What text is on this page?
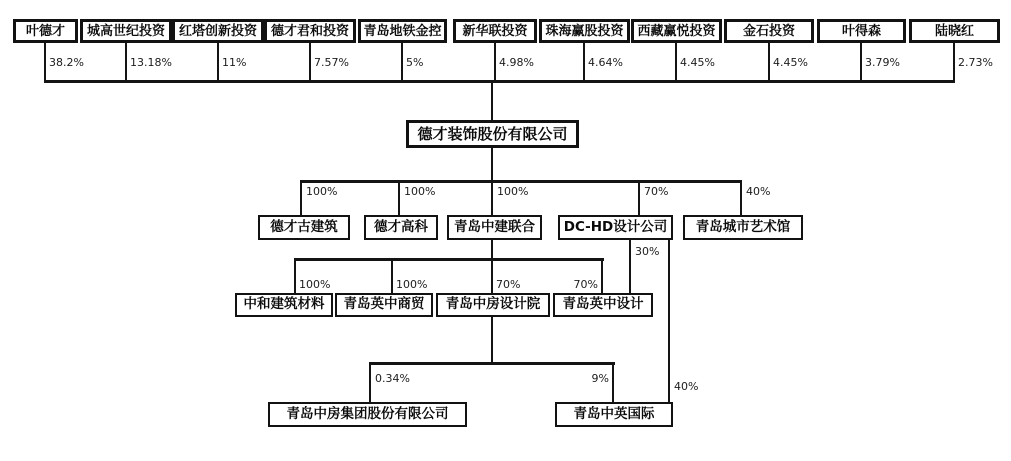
叶德才	城高世纪投资	红塔创新投资	德才君和投资	青岛地铁金控	新华联投资	珠海赢股投资	西藏赢悦投资	金石投资	叶得森	陆晓红
38.2%	13.18%	11%	7.57%	5%	4.98%	4.64%	4.45%	4.45%	3.79%	2.73%
德才装饰股份有限公司
100%	100%	100%	70%	40%
德才古建筑	德才高科	青岛中建联合	DC-HD设计公司	青岛城市艺术馆
100%	100%	70%	70%
中和建筑材料	青岛英中商贸	青岛中房设计院	青岛英中设计
30%
40%
0.34%	9%
青岛中房集团股份有限公司	青岛中英国际
